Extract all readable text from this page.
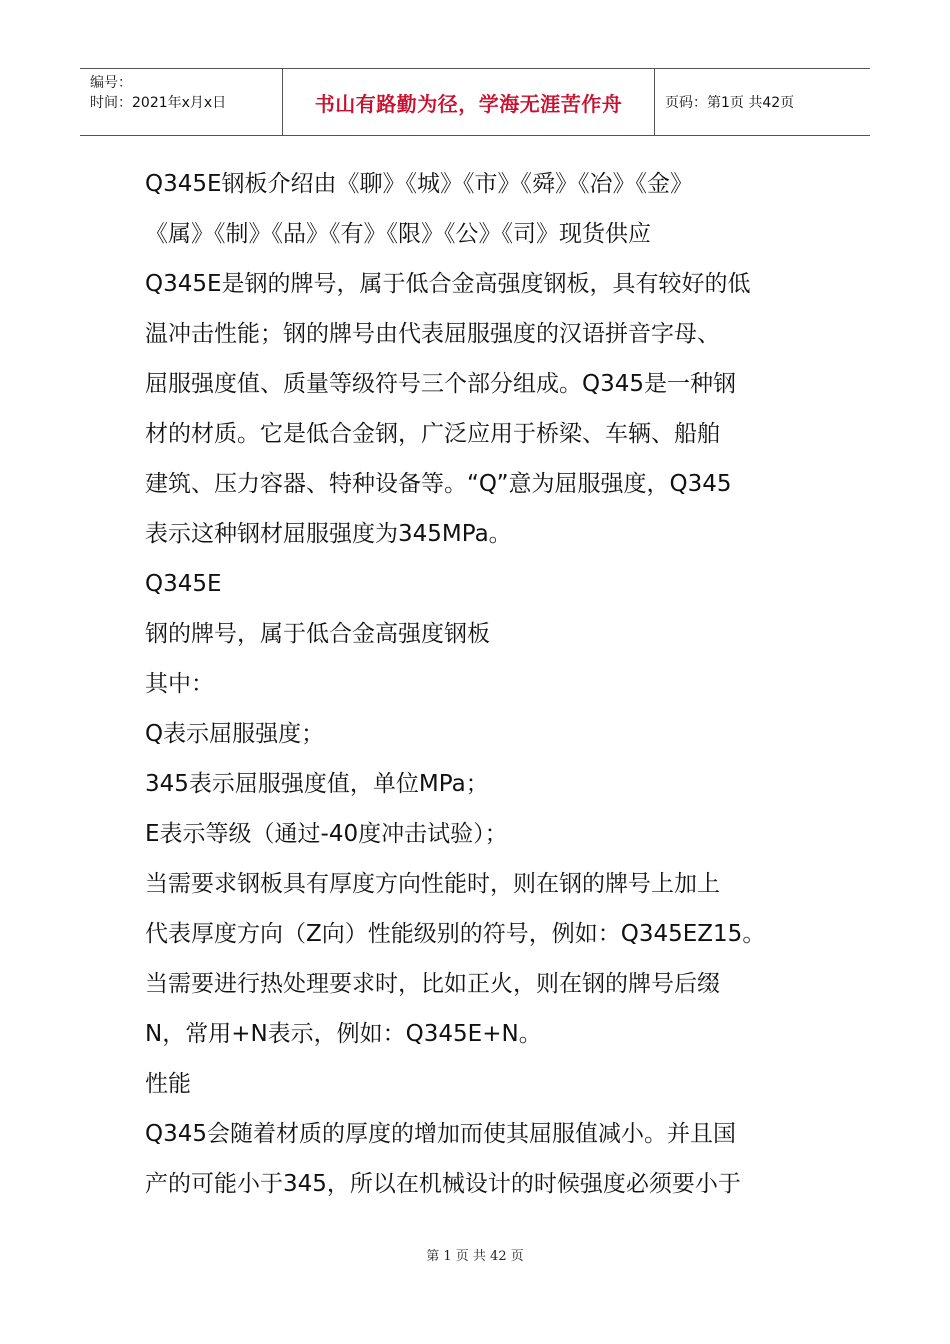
编号：
时间：2021年x月x日	书山有路勤为径，学海无涯苦作舟	页码：第1页 共42页

Q345E钢板介绍由《聊》《城》《市》《舜》《冶》《金》

《属》《制》《品》《有》《限》《公》《司》现货供应

Q345E是钢的牌号，属于低合金高强度钢板，具有较好的低

温冲击性能；钢的牌号由代表屈服强度的汉语拼音字母、

屈服强度值、质量等级符号三个部分组成。Q345是一种钢

材的材质。它是低合金钢，广泛应用于桥梁、车辆、船舶

建筑、压力容器、特种设备等。“Q”意为屈服强度，Q345

表示这种钢材屈服强度为345MPa。

Q345E

钢的牌号，属于低合金高强度钢板

其中：

Q表示屈服强度；

345表示屈服强度值，单位MPa；

E表示等级（通过-40度冲击试验）；

当需要求钢板具有厚度方向性能时，则在钢的牌号上加上

代表厚度方向（Z向）性能级别的符号，例如：Q345EZ15。

当需要进行热处理要求时，比如正火，则在钢的牌号后缀

N，常用+N表示，例如：Q345E+N。

性能

Q345会随着材质的厚度的增加而使其屈服值减小。并且国

产的可能小于345，所以在机械设计的时候强度必须要小于

第 1 页 共 42 页
